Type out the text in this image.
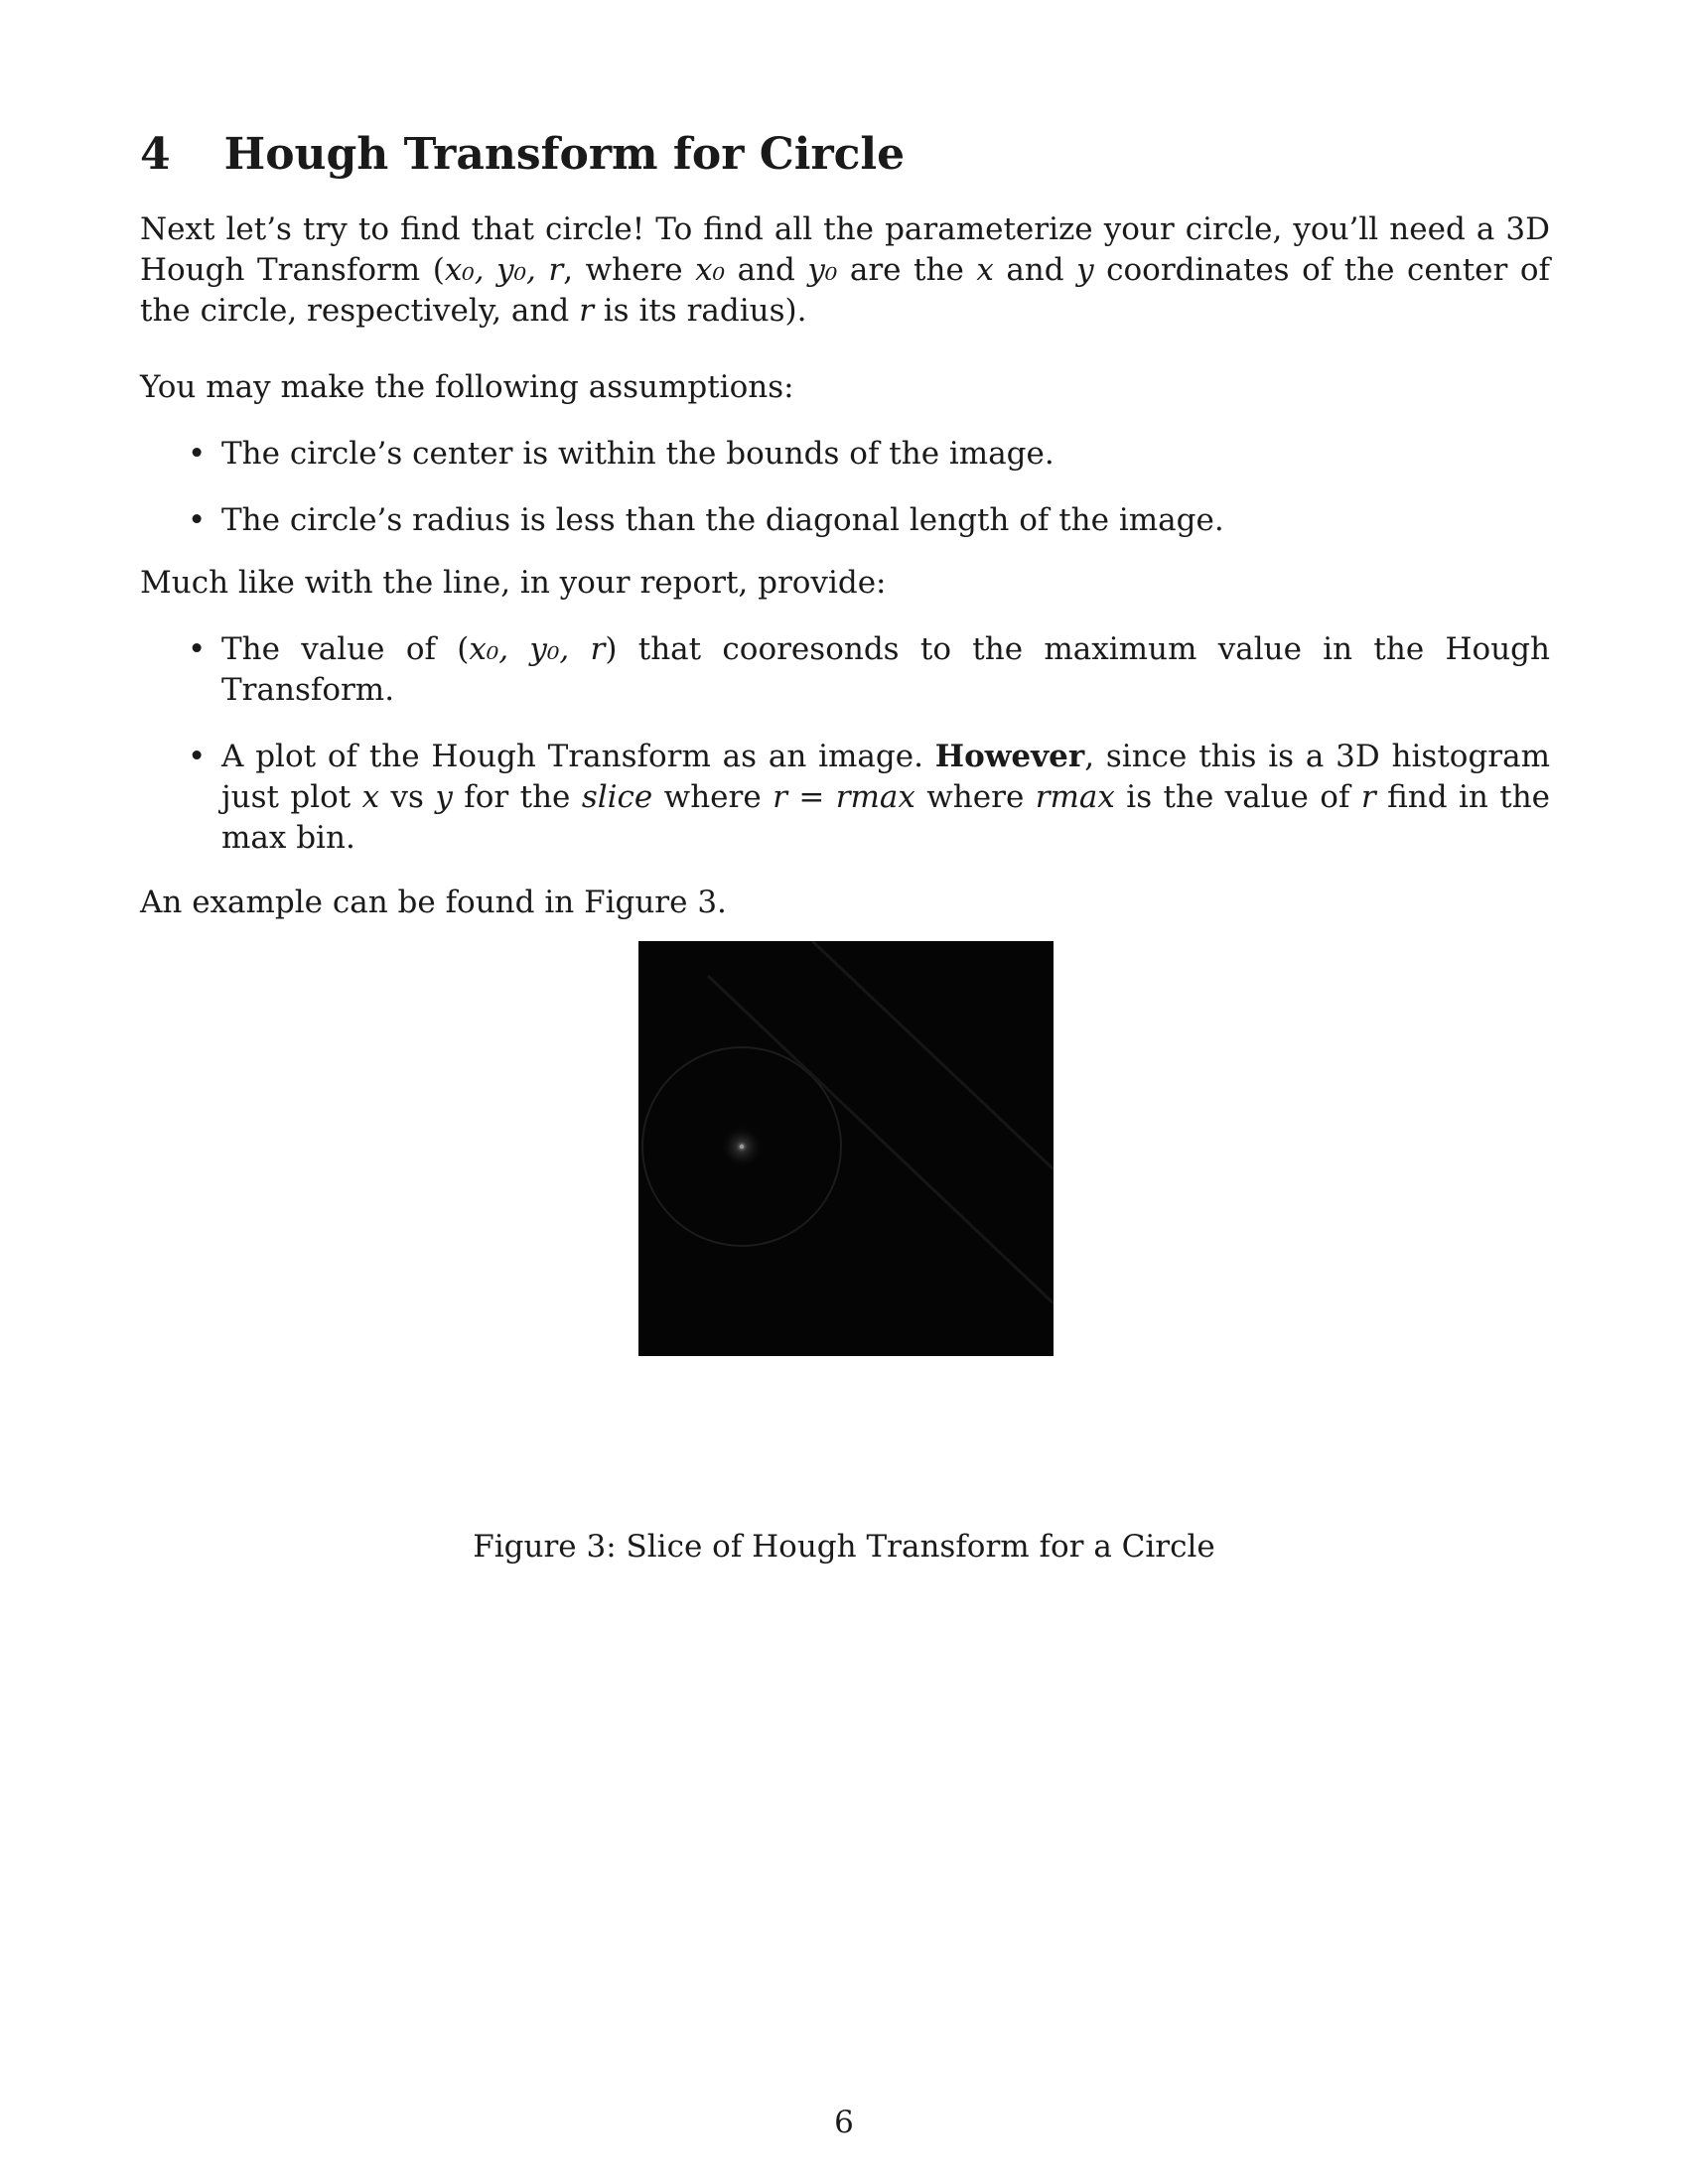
4 Hough Transform for Circle

Next let’s try to find that circle! To find all the parameterize your circle, you’ll need a 3D Hough Transform (x₀, y₀, r, where x₀ and y₀ are the x and y coordinates of the center of the circle, respectively, and r is its radius).

You may make the following assumptions:

• The circle’s center is within the bounds of the image.
• The circle’s radius is less than the diagonal length of the image.

Much like with the line, in your report, provide:

• The value of (x₀, y₀, r) that cooresonds to the maximum value in the Hough Transform.
• A plot of the Hough Transform as an image. However, since this is a 3D histogram just plot x vs y for the slice where r = rmax where rmax is the value of r find in the max bin.

An example can be found in Figure 3.

Figure 3: Slice of Hough Transform for a Circle
6
